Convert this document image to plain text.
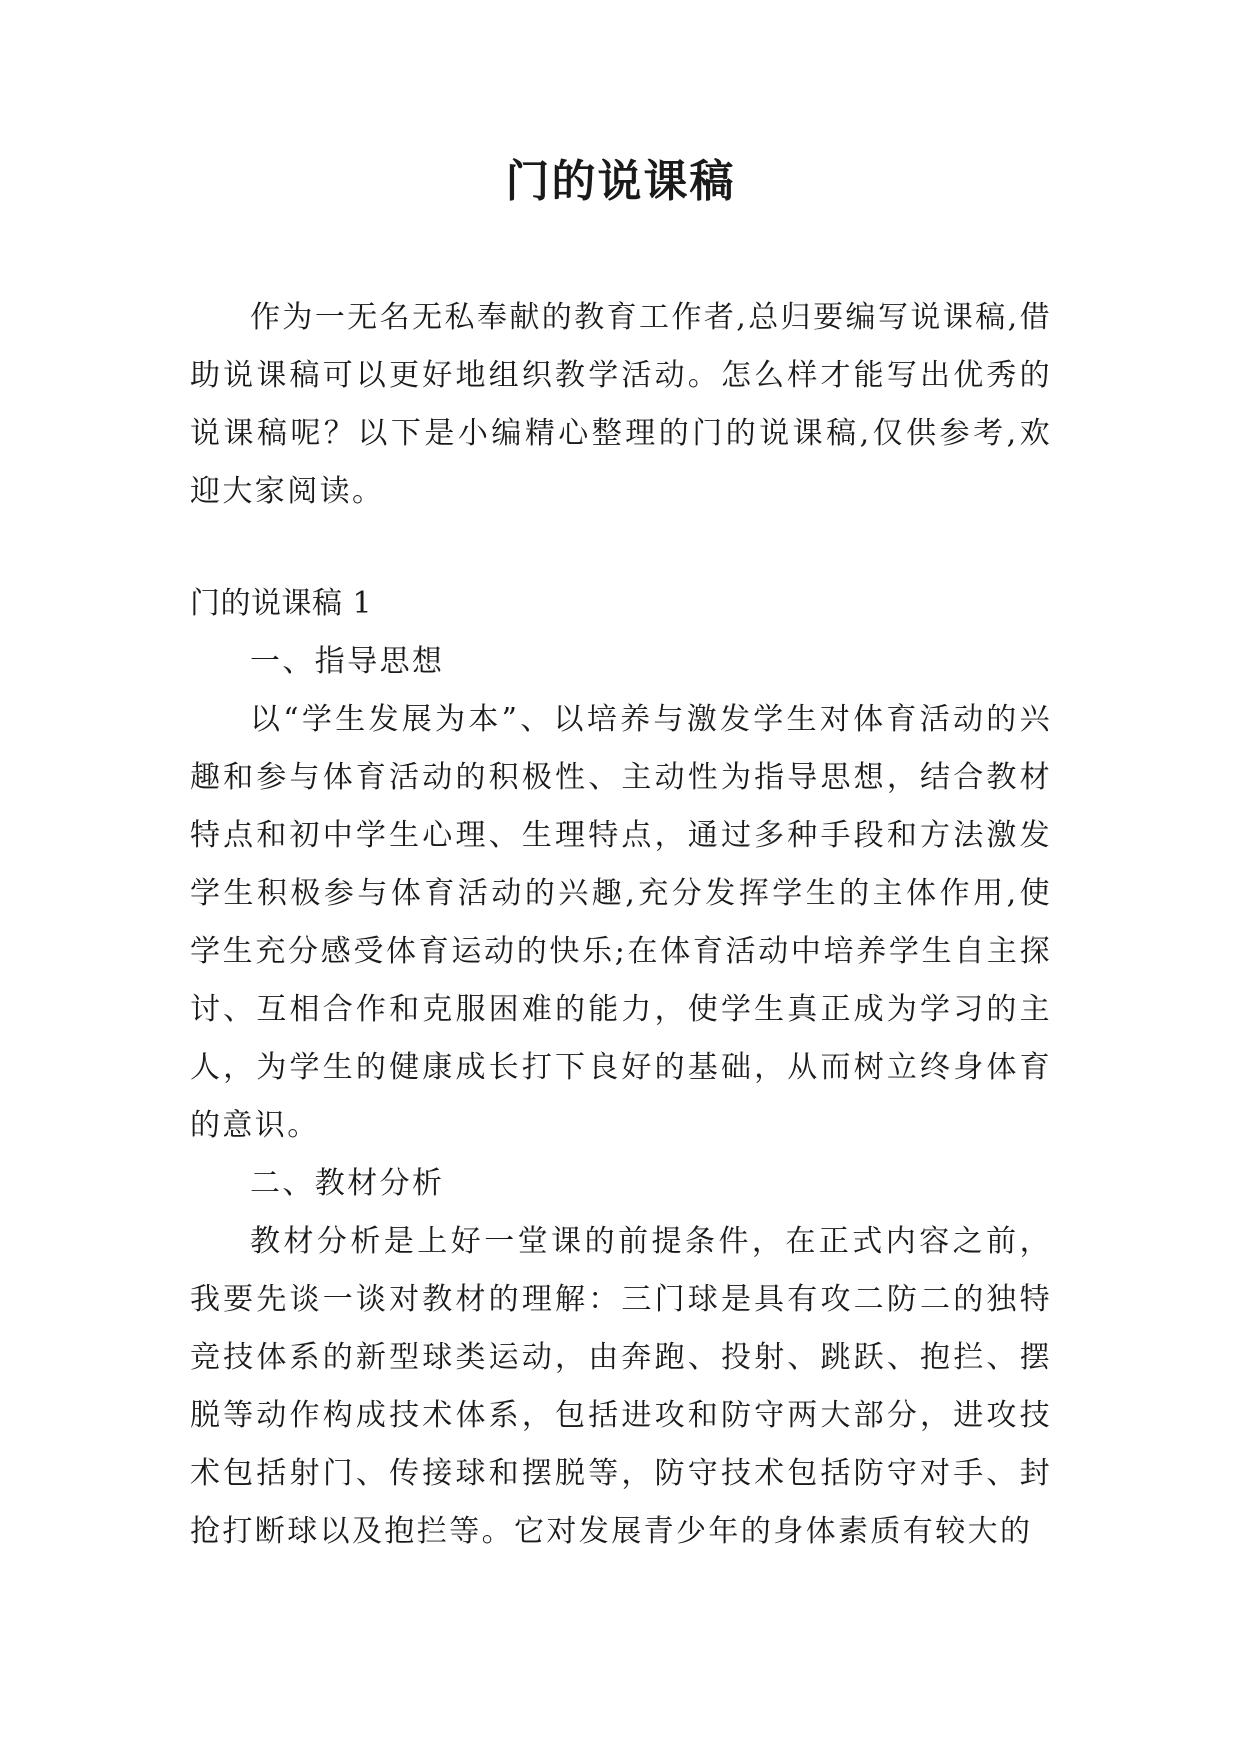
门的说课稿

作为一无名无私奉献的教育工作者,总归要编写说课稿,借助说课稿可以更好地组织教学活动。怎么样才能写出优秀的说课稿呢？以下是小编精心整理的门的说课稿,仅供参考,欢迎大家阅读。

门的说课稿 1

一、指导思想

以“学生发展为本”、以培养与激发学生对体育活动的兴趣和参与体育活动的积极性、主动性为指导思想，结合教材特点和初中学生心理、生理特点，通过多种手段和方法激发学生积极参与体育活动的兴趣,充分发挥学生的主体作用,使学生充分感受体育运动的快乐;在体育活动中培养学生自主探讨、互相合作和克服困难的能力，使学生真正成为学习的主人，为学生的健康成长打下良好的基础，从而树立终身体育的意识。

二、教材分析

教材分析是上好一堂课的前提条件，在正式内容之前，我要先谈一谈对教材的理解：三门球是具有攻二防二的独特竞技体系的新型球类运动，由奔跑、投射、跳跃、抱拦、摆脱等动作构成技术体系，包括进攻和防守两大部分，进攻技术包括射门、传接球和摆脱等，防守技术包括防守对手、封抢打断球以及抱拦等。它对发展青少年的身体素质有较大的
